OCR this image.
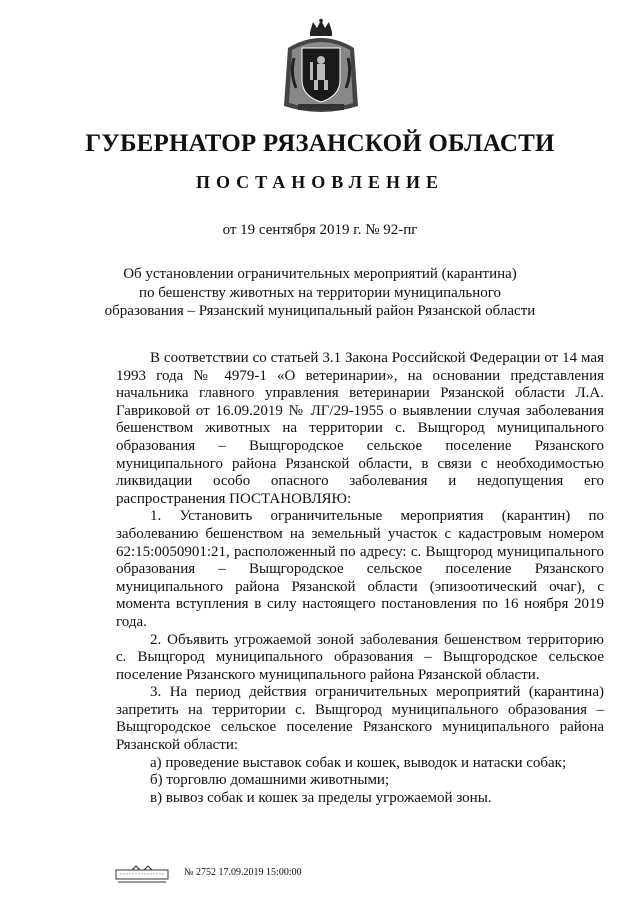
ГУБЕРНАТОР РЯЗАНСКОЙ ОБЛАСТИ
ПОСТАНОВЛЕНИЕ
от 19 сентября 2019 г. № 92-пг
Об установлении ограничительных мероприятий (карантина)
по бешенству животных на территории муниципального
образования – Рязанский муниципальный район Рязанской области

В соответствии со статьей 3.1 Закона Российской Федерации от 14 мая 1993 года № 4979-1 «О ветеринарии», на основании представления начальника главного управления ветеринарии Рязанской области Л.А. Гавриковой от 16.09.2019 № ЛГ/29-1955 о выявлении случая заболевания бешенством животных на территории с. Выщгород муниципального образования – Выщгородское сельское поселение Рязанского муниципального района Рязанской области, в связи с необходимостью ликвидации особо опасного заболевания и недопущения его распространения ПОСТАНОВЛЯЮ:

1. Установить ограничительные мероприятия (карантин) по заболеванию бешенством на земельный участок с кадастровым номером 62:15:0050901:21, расположенный по адресу: с. Выщгород муниципального образования – Выщгородское сельское поселение Рязанского муниципального района Рязанской области (эпизоотический очаг), с момента вступления в силу настоящего постановления по 16 ноября 2019 года.

2. Объявить угрожаемой зоной заболевания бешенством территорию с. Выщгород муниципального образования – Выщгородское сельское поселение Рязанского муниципального района Рязанской области.

3. На период действия ограничительных мероприятий (карантина) запретить на территории с. Выщгород муниципального образования – Выщгородское сельское поселение Рязанского муниципального района Рязанской области:

а) проведение выставок собак и кошек, выводок и натаски собак;

б) торговлю домашними животными;

в) вывоз собак и кошек за пределы угрожаемой зоны.

№ 2752 17.09.2019 15:00:00
